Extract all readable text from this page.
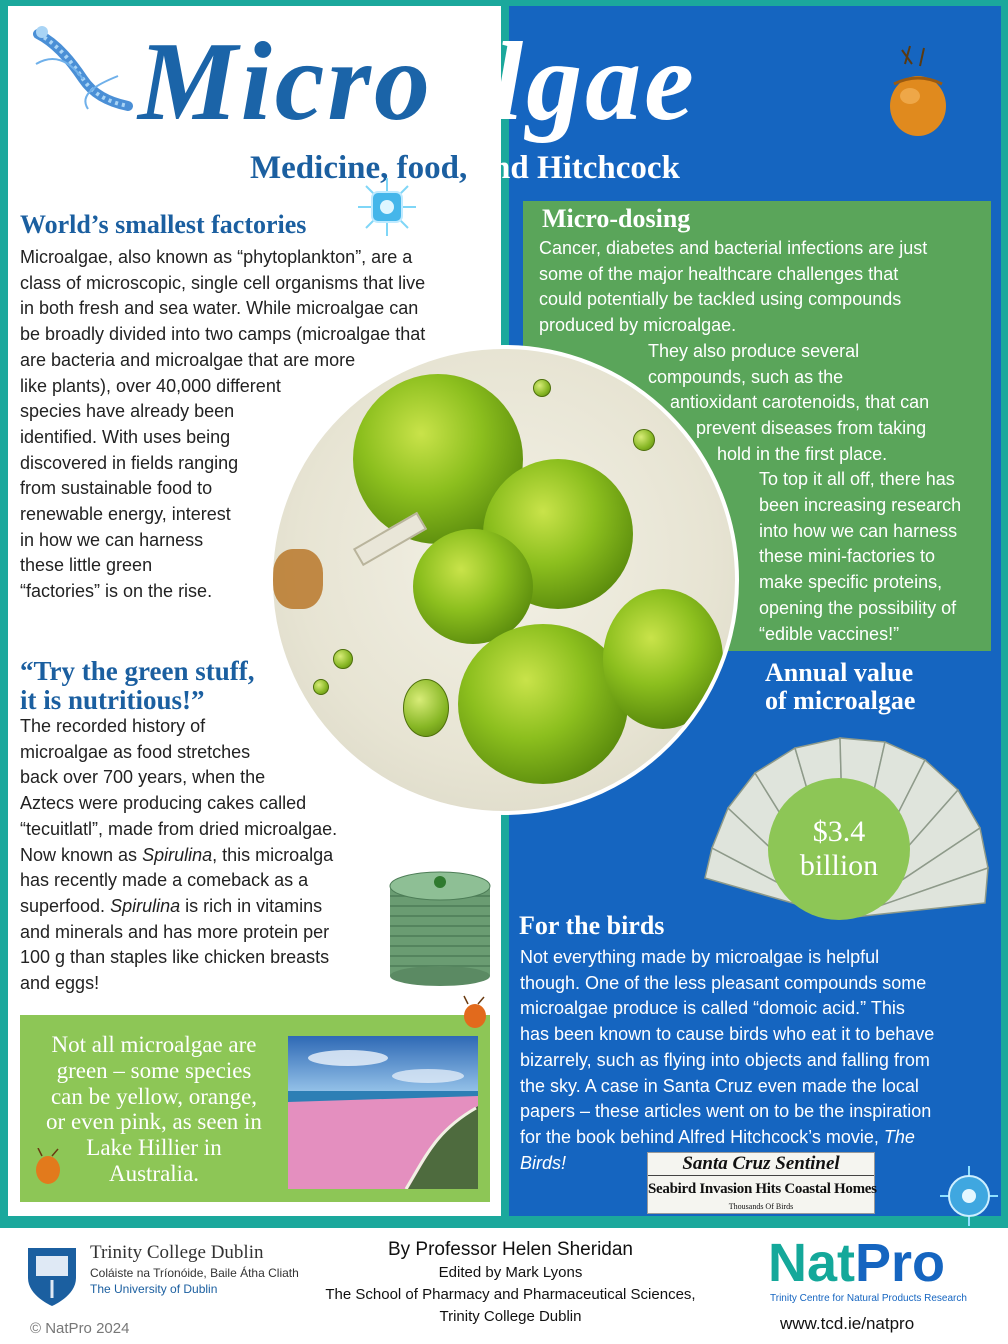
Microalgae

Medicine, food, and Hitchcock

World’s smallest factories
Microalgae, also known as “phytoplankton”, are a
class of microscopic, single cell organisms that live
in both fresh and sea water. While microalgae can
be broadly divided into two camps (microalgae that
are bacteria and microalgae that are more
like plants), over 40,000 different
species have already been
identified. With uses being
discovered in fields ranging
from sustainable food to
renewable energy, interest
in how we can harness
these little green
“factories” is on the rise.
Micro-dosing
Cancer, diabetes and bacterial infections are just
some of the major healthcare challenges that
could potentially be tackled using compounds
produced by microalgae.
They also produce several
compounds, such as the
antioxidant carotenoids, that can
prevent diseases from taking
hold in the first place.
To top it all off, there has
been increasing research
into how we can harness
these mini-factories to
make specific proteins,
opening the possibility of
“edible vaccines!”
“Try the green stuff,
it is nutritious!”
The recorded history of
microalgae as food stretches
back over 700 years, when the
Aztecs were producing cakes called
“tecuitlatl”, made from dried microalgae.
Now known as Spirulina, this microalga
has recently made a comeback as a
superfood. Spirulina is rich in vitamins
and minerals and has more protein per
100 g than staples like chicken breasts
and eggs!
Annual value
of microalgae
$3.4
billion
For the birds
Not everything made by microalgae is helpful
though. One of the less pleasant compounds some
microalgae produce is called “domoic acid.” This
has been known to cause birds who eat it to behave
bizarrely, such as flying into objects and falling from
the sky. A case in Santa Cruz even made the local
papers – these articles went on to be the inspiration
for the book behind Alfred Hitchcock’s movie, The
Birds!	Santa Cruz Sentinel
Seabird Invasion Hits Coastal Homes
Thousands Of Birds
Not all microalgae are
green – some species
can be yellow, orange,
or even pink, as seen in
Lake Hillier in
Australia.
Trinity College Dublin
Coláiste na Tríonóide, Baile Átha Cliath
The University of Dublin
© NatPro 2024
By Professor Helen Sheridan
Edited by Mark Lyons
The School of Pharmacy and Pharmaceutical Sciences,
Trinity College Dublin
NatPro
Trinity Centre for Natural Products Research
www.tcd.ie/natpro
